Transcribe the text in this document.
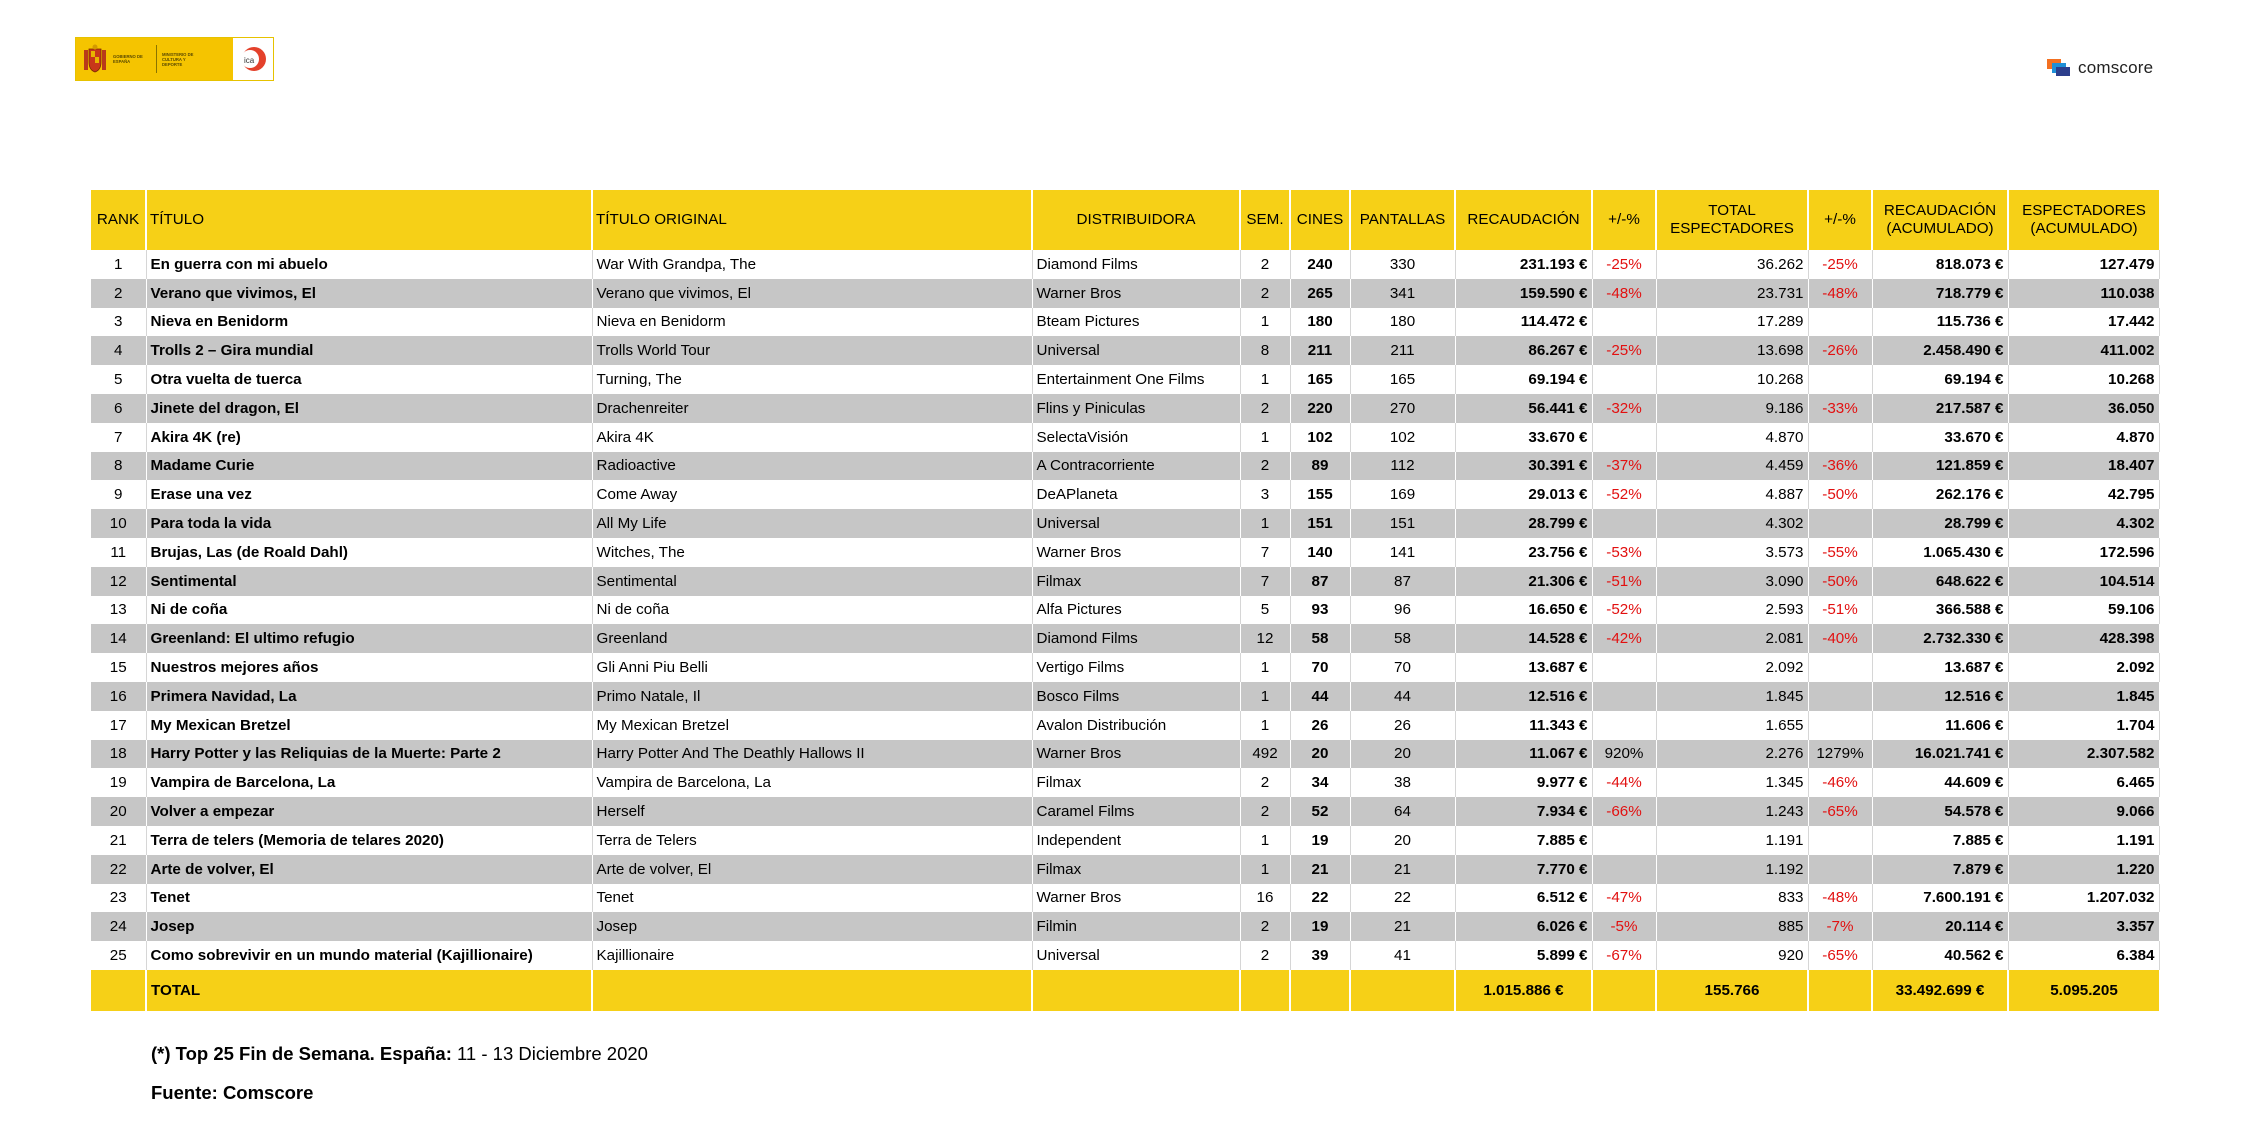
GOBIERNO DE ESPAÑA
MINISTERIO DE CULTURA Y DEPORTE	ica	comscore
RANK	TÍTULO	TÍTULO ORIGINAL	DISTRIBUIDORA	SEM.	CINES	PANTALLAS	RECAUDACIÓN	+/-%	TOTAL ESPECTADORES	+/-%	RECAUDACIÓN (ACUMULADO)	ESPECTADORES (ACUMULADO)
1	En guerra con mi abuelo	War With Grandpa, The	Diamond Films	2	240	330	231.193 €	-25%	36.262	-25%	818.073 €	127.479
2	Verano que vivimos, El	Verano que vivimos, El	Warner Bros	2	265	341	159.590 €	-48%	23.731	-48%	718.779 €	110.038
3	Nieva en Benidorm	Nieva en Benidorm	Bteam Pictures	1	180	180	114.472 €		17.289		115.736 €	17.442
4	Trolls 2 – Gira mundial	Trolls World Tour	Universal	8	211	211	86.267 €	-25%	13.698	-26%	2.458.490 €	411.002
5	Otra vuelta de tuerca	Turning, The	Entertainment One Films	1	165	165	69.194 €		10.268		69.194 €	10.268
6	Jinete del dragon, El	Drachenreiter	Flins y Piniculas	2	220	270	56.441 €	-32%	9.186	-33%	217.587 €	36.050
7	Akira 4K (re)	Akira 4K	SelectaVisión	1	102	102	33.670 €		4.870		33.670 €	4.870
8	Madame Curie	Radioactive	A Contracorriente	2	89	112	30.391 €	-37%	4.459	-36%	121.859 €	18.407
9	Erase una vez	Come Away	DeAPlaneta	3	155	169	29.013 €	-52%	4.887	-50%	262.176 €	42.795
10	Para toda la vida	All My Life	Universal	1	151	151	28.799 €		4.302		28.799 €	4.302
11	Brujas, Las (de Roald Dahl)	Witches, The	Warner Bros	7	140	141	23.756 €	-53%	3.573	-55%	1.065.430 €	172.596
12	Sentimental	Sentimental	Filmax	7	87	87	21.306 €	-51%	3.090	-50%	648.622 €	104.514
13	Ni de coña	Ni de coña	Alfa Pictures	5	93	96	16.650 €	-52%	2.593	-51%	366.588 €	59.106
14	Greenland: El ultimo refugio	Greenland	Diamond Films	12	58	58	14.528 €	-42%	2.081	-40%	2.732.330 €	428.398
15	Nuestros mejores años	Gli Anni Piu Belli	Vertigo Films	1	70	70	13.687 €		2.092		13.687 €	2.092
16	Primera Navidad, La	Primo Natale, Il	Bosco Films	1	44	44	12.516 €		1.845		12.516 €	1.845
17	My Mexican Bretzel	My Mexican Bretzel	Avalon Distribución	1	26	26	11.343 €		1.655		11.606 €	1.704
18	Harry Potter y las Reliquias de la Muerte: Parte 2	Harry Potter And The Deathly Hallows II	Warner Bros	492	20	20	11.067 €	920%	2.276	1279%	16.021.741 €	2.307.582
19	Vampira de Barcelona, La	Vampira de Barcelona, La	Filmax	2	34	38	9.977 €	-44%	1.345	-46%	44.609 €	6.465
20	Volver a empezar	Herself	Caramel Films	2	52	64	7.934 €	-66%	1.243	-65%	54.578 €	9.066
21	Terra de telers (Memoria de telares 2020)	Terra de Telers	Independent	1	19	20	7.885 €		1.191		7.885 €	1.191
22	Arte de volver, El	Arte de volver, El	Filmax	1	21	21	7.770 €		1.192		7.879 €	1.220
23	Tenet	Tenet	Warner Bros	16	22	22	6.512 €	-47%	833	-48%	7.600.191 €	1.207.032
24	Josep	Josep	Filmin	2	19	21	6.026 €	-5%	885	-7%	20.114 €	3.357
25	Como sobrevivir en un mundo material (Kajillionaire)	Kajillionaire	Universal	2	39	41	5.899 €	-67%	920	-65%	40.562 €	6.384
	TOTAL						1.015.886 €		155.766		33.492.699 €	5.095.205
(*) Top 25 Fin de Semana. España: 11 - 13 Diciembre 2020
Fuente: Comscore
